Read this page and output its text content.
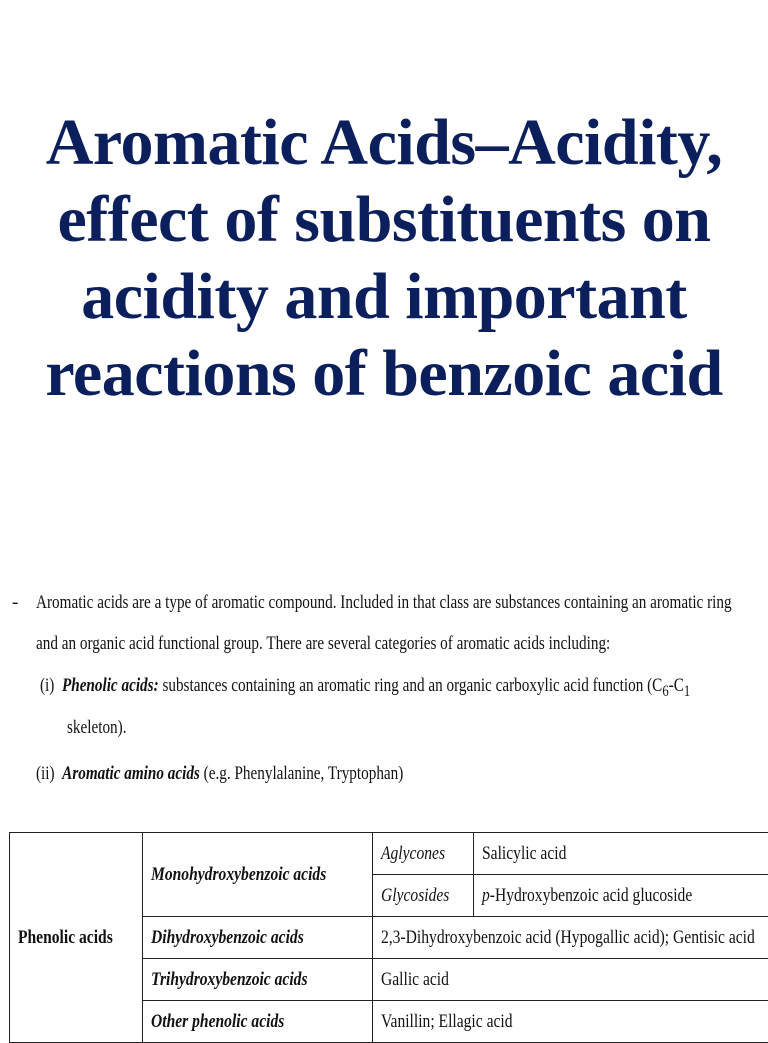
Aromatic Acids–Acidity,
effect of substituents on
acidity and important
reactions of benzoic acid
- Aromatic acids are a type of aromatic compound. Included in that class are substances containing an aromatic ring
and an organic acid functional group. There are several categories of aromatic acids including:
(i) Phenolic acids: substances containing an aromatic ring and an organic carboxylic acid function ($C_6-C_1$
skeleton).
(ii) Aromatic amino acids (e.g. Phenylalanine, Tryptophan)
Phenolic acids	Monohydroxybenzoic acids	Aglycones	Salicylic acid
		Glycosides	p-Hydroxybenzoic acid glucoside
	Dihydroxybenzoic acids	2,3-Dihydroxybenzoic acid (Hypogallic acid); Gentisic acid	
	Trihydroxybenzoic acids	Gallic acid	
	Other phenolic acids	Vanillin; Ellagic acid	
